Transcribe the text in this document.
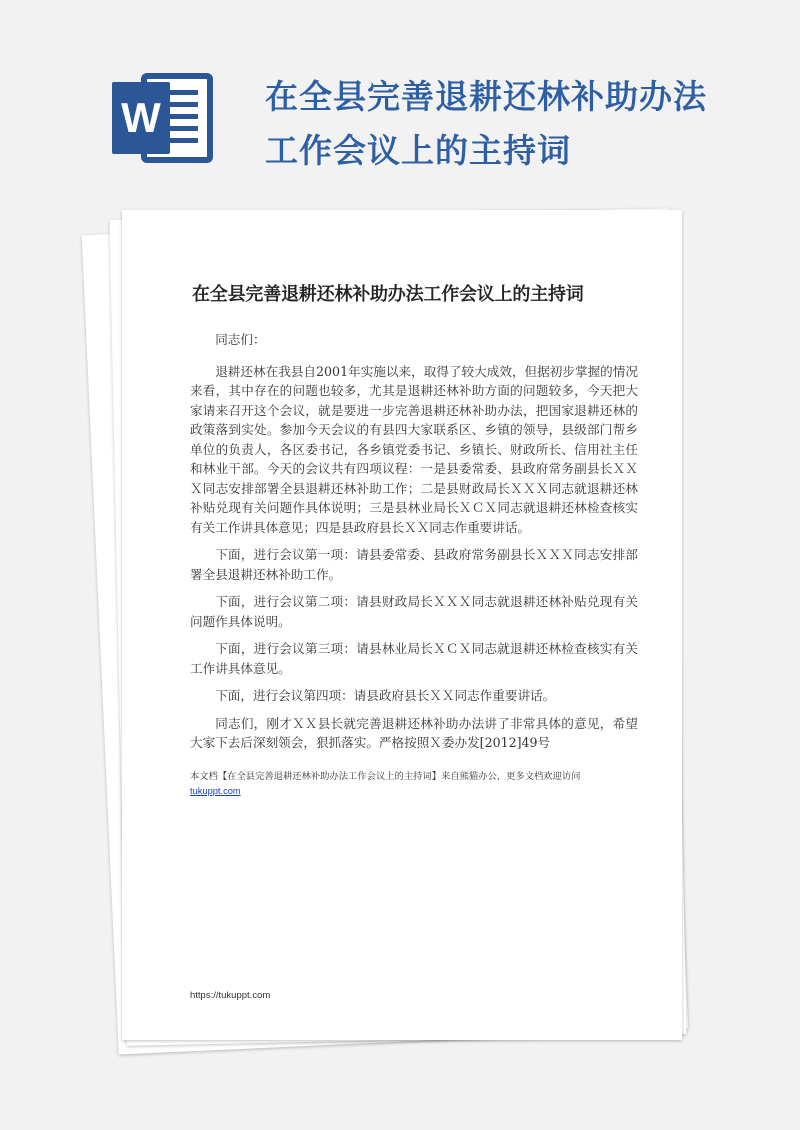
W	在全县完善退耕还林补助办法
工作会议上的主持词
在全县完善退耕还林补助办法工作会议上的主持词

同志们：

退耕还林在我县自2001年实施以来，取得了较大成效，但据初步掌握的情况来看，其中存在的问题也较多，尤其是退耕还林补助方面的问题较多，今天把大家请来召开这个会议，就是要进一步完善退耕还林补助办法，把国家退耕还林的政策落到实处。参加今天会议的有县四大家联系区、乡镇的领导，县级部门帮乡单位的负责人，各区委书记，各乡镇党委书记、乡镇长、财政所长、信用社主任和林业干部。今天的会议共有四项议程：一是县委常委、县政府常务副县长ＸＸＸ同志安排部署全县退耕还林补助工作；二是县财政局长ＸＸＸ同志就退耕还林补贴兑现有关问题作具体说明；三是县林业局长ＸＣＸ同志就退耕还林检查核实有关工作讲具体意见；四是县政府县长ＸＸ同志作重要讲话。

下面，进行会议第一项：请县委常委、县政府常务副县长ＸＸＸ同志安排部署全县退耕还林补助工作。

下面，进行会议第二项：请县财政局长ＸＸＸ同志就退耕还林补贴兑现有关问题作具体说明。

下面，进行会议第三项：请县林业局长ＸＣＸ同志就退耕还林检查核实有关工作讲具体意见。

下面，进行会议第四项：请县政府县长ＸＸ同志作重要讲话。

同志们，刚才ＸＸ县长就完善退耕还林补助办法讲了非常具体的意见，希望大家下去后深刻领会，狠抓落实。严格按照Ｘ委办发[2012]49号

本文档【在全县完善退耕还林补助办法工作会议上的主持词】来自熊猫办公，更多文档欢迎访问
tukuppt.com
https://tukuppt.com
